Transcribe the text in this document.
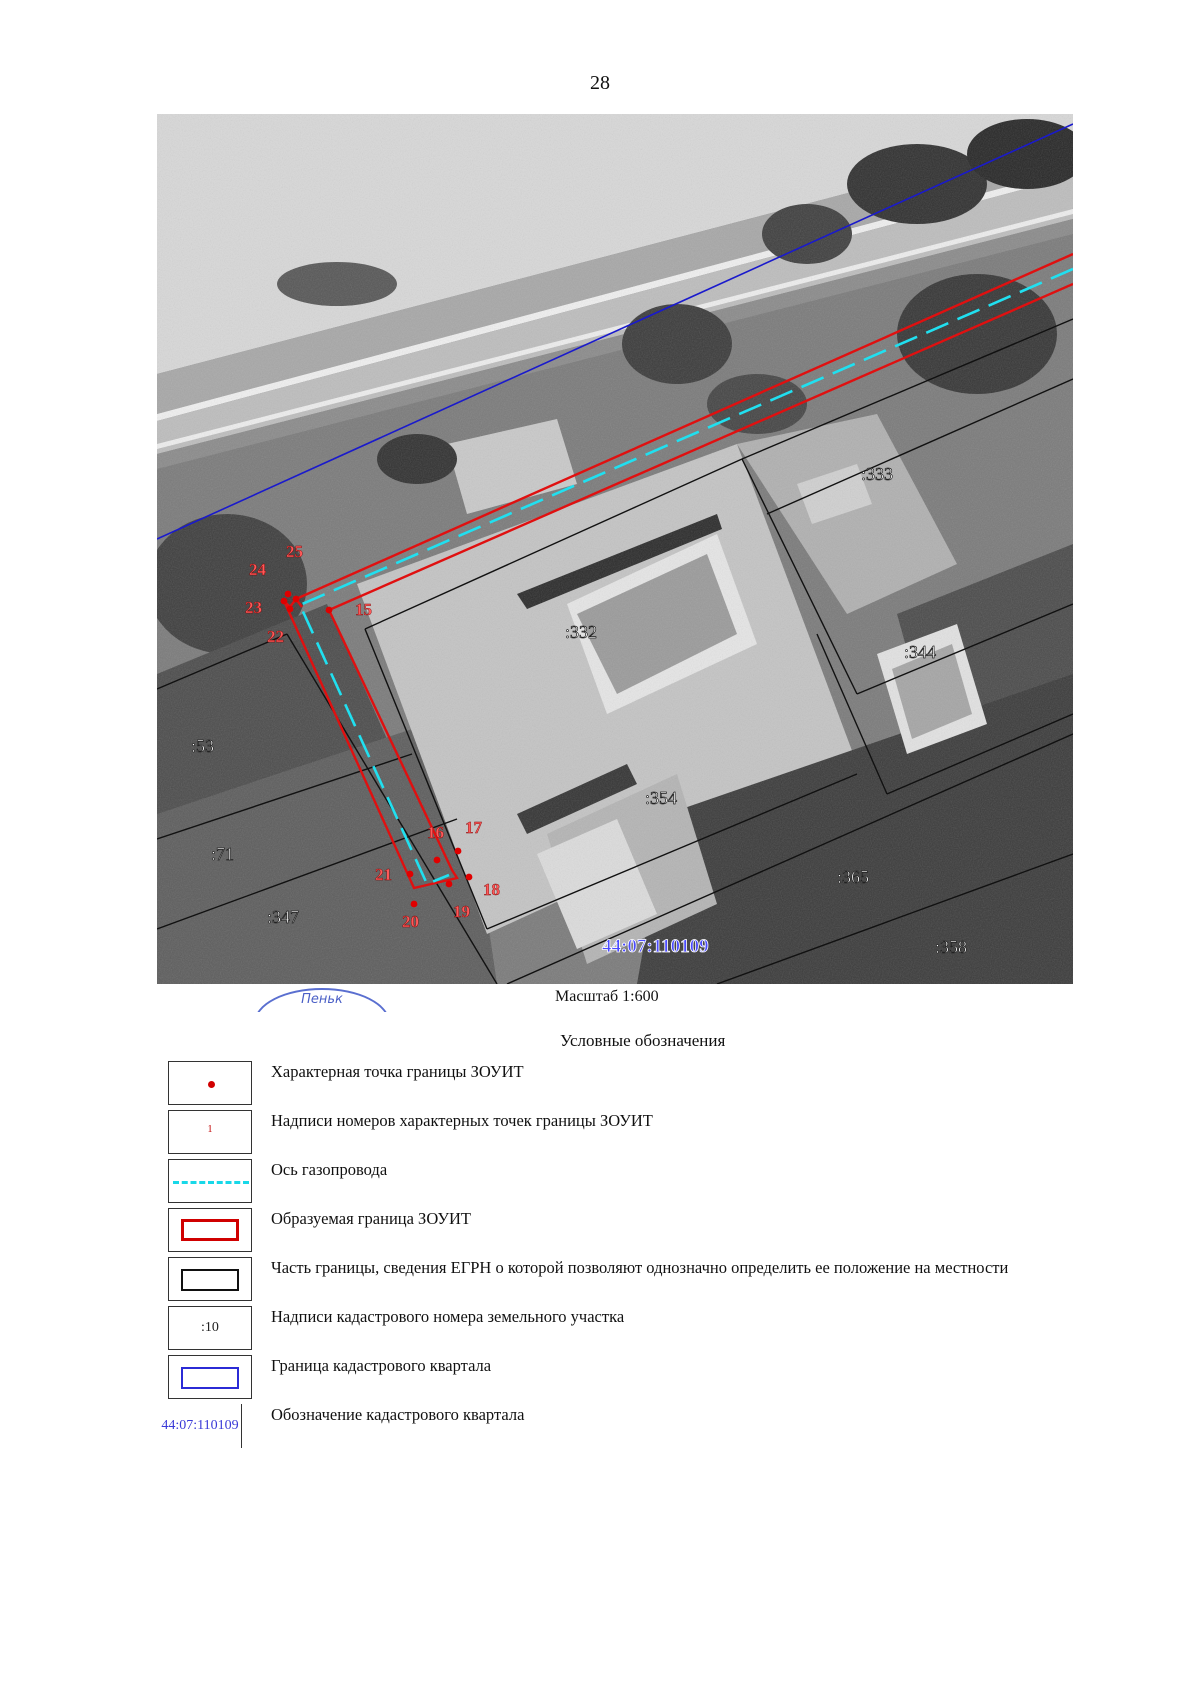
28
15
16 17
18
19
20
21
22
23
24
25
:333
:332
:344
:53
:354
:71
:365
:347
:358
44:07:110109
Пеньк	Масштаб 1:600
Условные обозначения
Характерная точка границы ЗОУИТ
1	Надписи номеров характерных точек границы ЗОУИТ
Ось газопровода
Образуемая граница ЗОУИТ
Часть границы, сведения ЕГРН о которой позволяют однозначно определить ее положение на местности
:10
Надписи кадастрового номера земельного участка
Граница кадастрового квартала
44:07:110109
Обозначение кадастрового квартала
